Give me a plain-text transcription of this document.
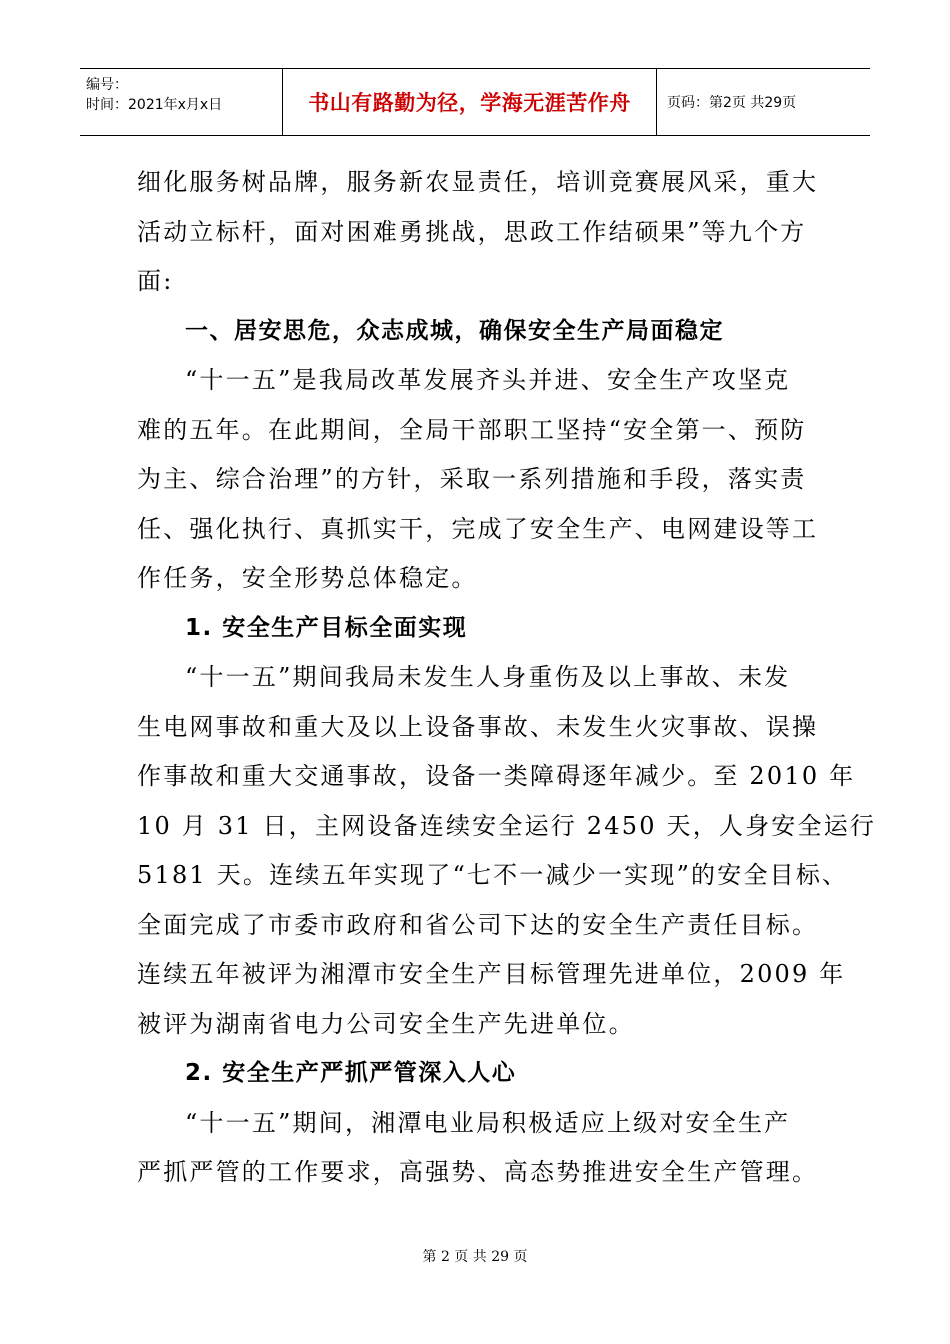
编号：
时间：2021年x月x日	书山有路勤为径，学海无涯苦作舟	页码：第2页 共29页
细化服务树品牌，服务新农显责任，培训竞赛展风采，重大
活动立标杆，面对困难勇挑战，思政工作结硕果”等九个方
面:
一、居安思危，众志成城，确保安全生产局面稳定
“十一五”是我局改革发展齐头并进、安全生产攻坚克
难的五年。在此期间，全局干部职工坚持“安全第一、预防
为主、综合治理”的方针，采取一系列措施和手段，落实责
任、强化执行、真抓实干，完成了安全生产、电网建设等工
作任务，安全形势总体稳定。
1. 安全生产目标全面实现
“十一五”期间我局未发生人身重伤及以上事故、未发
生电网事故和重大及以上设备事故、未发生火灾事故、误操
作事故和重大交通事故，设备一类障碍逐年减少。至 2010 年
10 月 31 日，主网设备连续安全运行 2450 天，人身安全运行
5181 天。连续五年实现了“七不一减少一实现”的安全目标、
全面完成了市委市政府和省公司下达的安全生产责任目标。
连续五年被评为湘潭市安全生产目标管理先进单位，2009 年
被评为湖南省电力公司安全生产先进单位。
2. 安全生产严抓严管深入人心
“十一五”期间，湘潭电业局积极适应上级对安全生产
严抓严管的工作要求，高强势、高态势推进安全生产管理。
第 2 页 共 29 页
